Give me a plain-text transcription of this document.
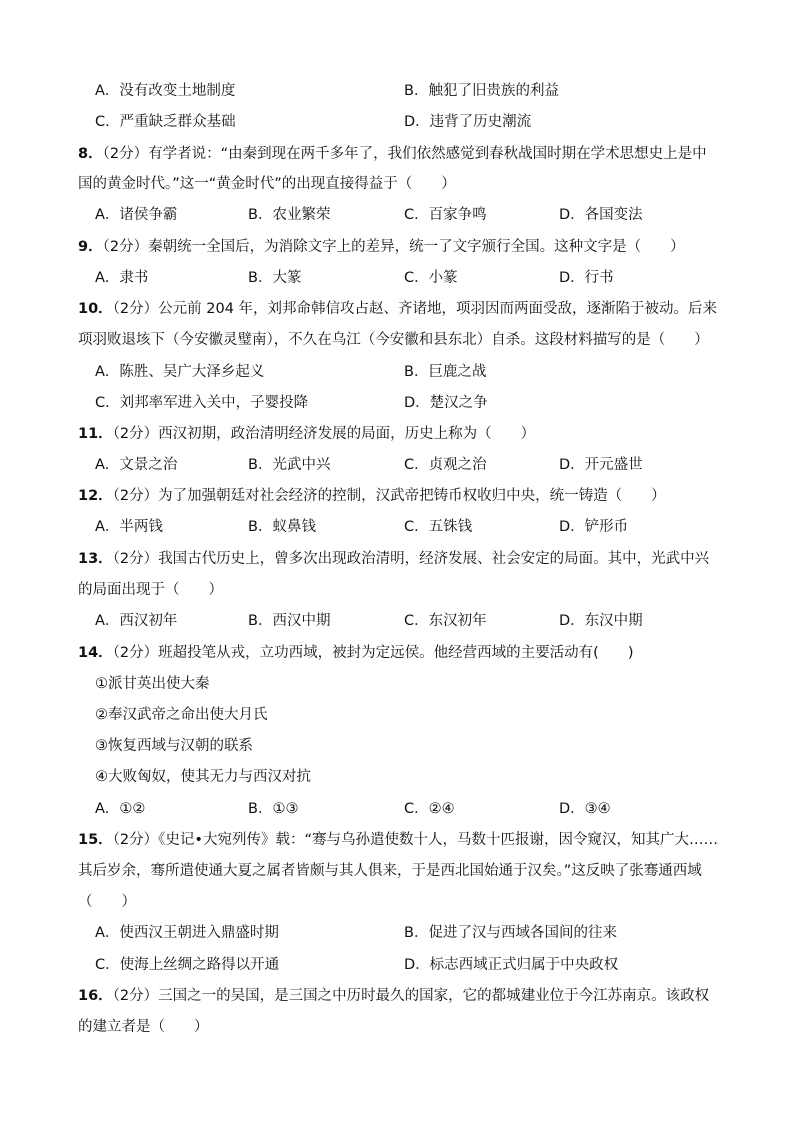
A．没有改变土地制度	B．触犯了旧贵族的利益
C．严重缺乏群众基础	D．违背了历史潮流
8．（2分）有学者说：“由秦到现在两千多年了，我们依然感觉到春秋战国时期在学术思想史上是中
国的黄金时代。”这一“黄金时代”的出现直接得益于（　　）
A．诸侯争霸	B．农业繁荣	C．百家争鸣	D．各国变法
9．（2分）秦朝统一全国后，为消除文字上的差异，统一了文字颁行全国。这种文字是（　　）
A．隶书	B．大篆	C．小篆	D．行书
10．（2分）公元前 204 年，刘邦命韩信攻占赵、齐诸地，项羽因而两面受敌，逐渐陷于被动。后来
项羽败退垓下（今安徽灵璧南），不久在乌江（今安徽和县东北）自杀。这段材料描写的是（　　）
A．陈胜、吴广大泽乡起义	B．巨鹿之战
C．刘邦率军进入关中，子婴投降	D．楚汉之争
11．（2分）西汉初期，政治清明经济发展的局面，历史上称为（　　）
A．文景之治	B．光武中兴	C．贞观之治	D．开元盛世
12．（2分）为了加强朝廷对社会经济的控制，汉武帝把铸币权收归中央，统一铸造（　　）
A．半两钱	B．蚁鼻钱	C．五铢钱	D．铲形币
13．（2分）我国古代历史上，曾多次出现政治清明，经济发展、社会安定的局面。其中，光武中兴
的局面出现于（　　）
A．西汉初年	B．西汉中期	C．东汉初年	D．东汉中期
14．（2分）班超投笔从戎，立功西域，被封为定远侯。他经营西域的主要活动有(　　)
①派甘英出使大秦
②奉汉武帝之命出使大月氏
③恢复西域与汉朝的联系
④大败匈奴，使其无力与西汉对抗
A．①②	B．①③	C．②④	D．③④
15．（2分）《史记•大宛列传》载：“骞与乌孙遣使数十人，马数十匹报谢，因令窥汉，知其广大……
其后岁余，骞所遣使通大夏之属者皆颇与其人俱来，于是西北国始通于汉矣。”这反映了张骞通西域
（　　）
A．使西汉王朝进入鼎盛时期	B．促进了汉与西域各国间的往来
C．使海上丝绸之路得以开通	D．标志西域正式归属于中央政权
16．（2分）三国之一的吴国，是三国之中历时最久的国家，它的都城建业位于今江苏南京。该政权
的建立者是（　　）
